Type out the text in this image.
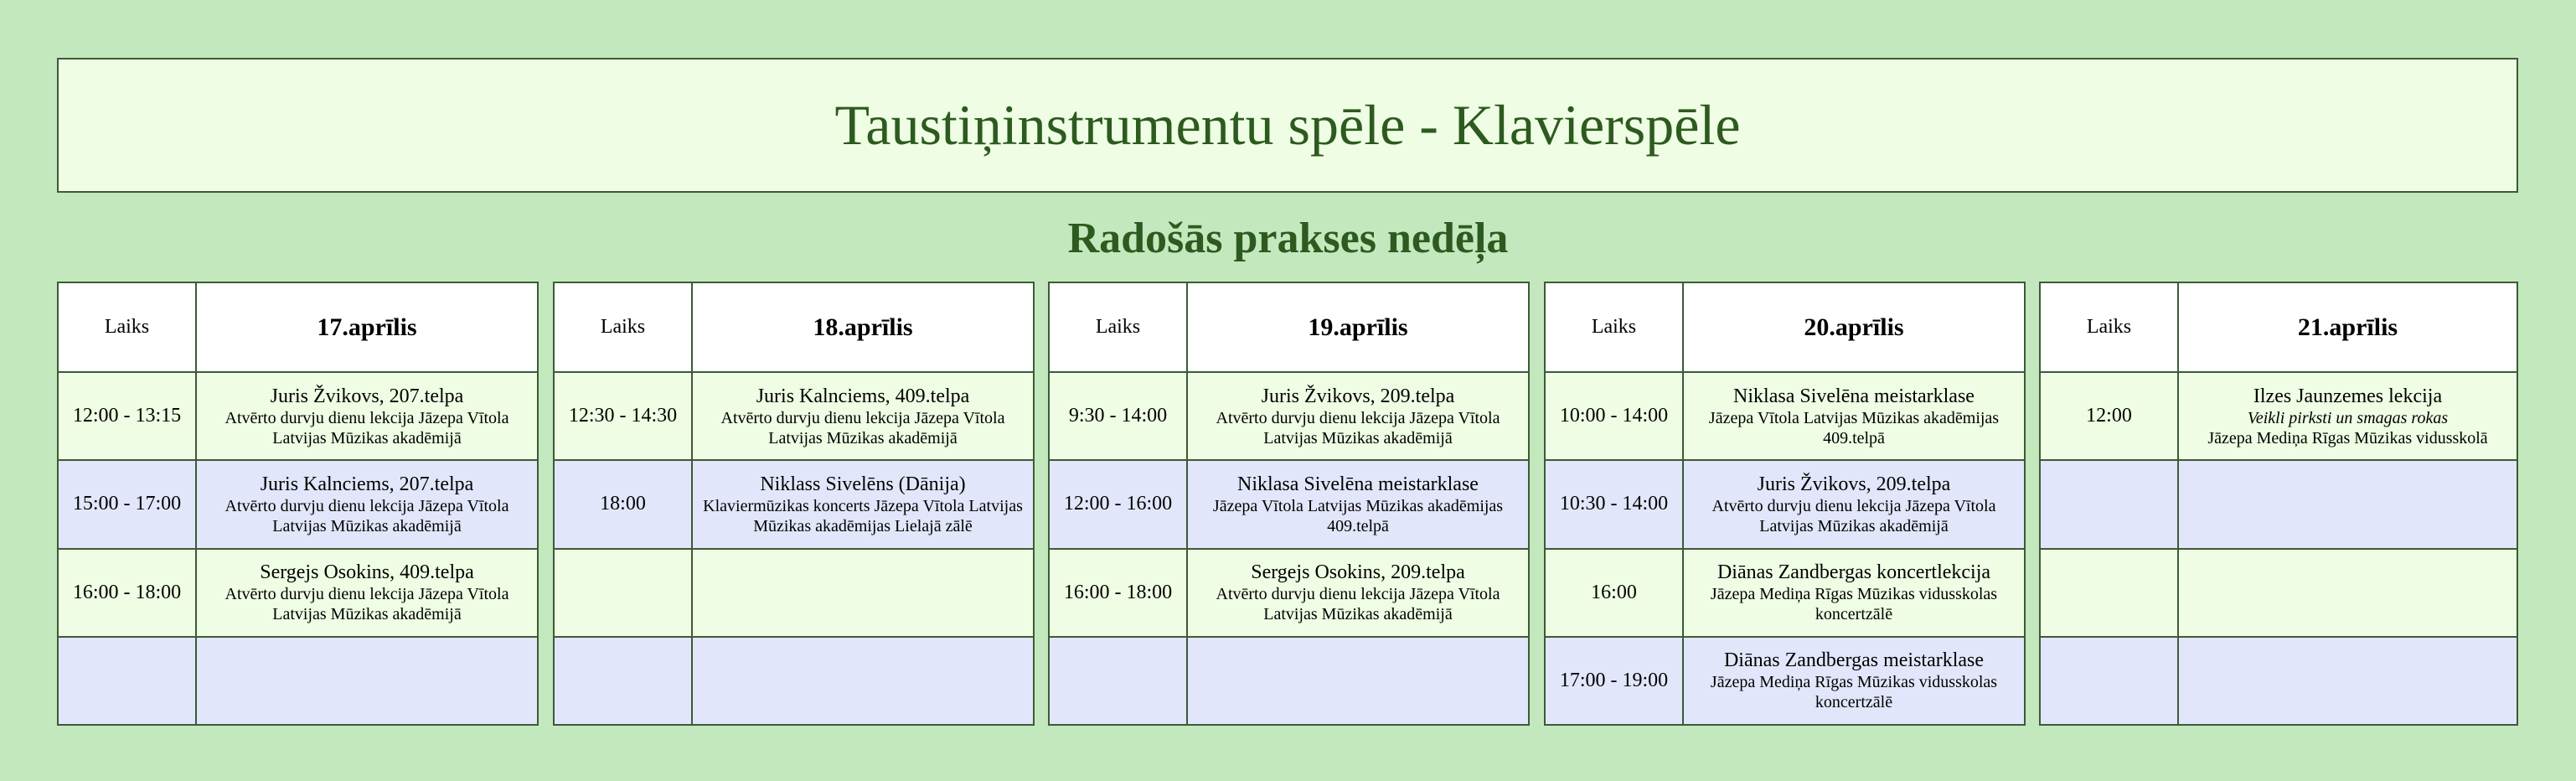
Taustiņinstrumentu spēle - Klavierspēle
Radošās prakses nedēļa
Laiks	17.aprīlis
12:00 - 13:15	Juris Žvikovs, 207.telpa
Atvērto durvju dienu lekcija Jāzepa Vītola Latvijas Mūzikas akadēmijā

15:00 - 17:00	Juris Kalnciems, 207.telpa
Atvērto durvju dienu lekcija Jāzepa Vītola Latvijas Mūzikas akadēmijā

16:00 - 18:00	Sergejs Osokins, 409.telpa
Atvērto durvju dienu lekcija Jāzepa Vītola Latvijas Mūzikas akadēmijā

Laiks	18.aprīlis
12:30 - 14:30	Juris Kalnciems, 409.telpa
Atvērto durvju dienu lekcija Jāzepa Vītola Latvijas Mūzikas akadēmijā

18:00	Niklass Sivelēns (Dānija)
Klaviermūzikas koncerts Jāzepa Vītola Latvijas Mūzikas akadēmijas Lielajā zālē

Laiks	19.aprīlis
9:30 - 14:00	Juris Žvikovs, 209.telpa
Atvērto durvju dienu lekcija Jāzepa Vītola Latvijas Mūzikas akadēmijā

12:00 - 16:00	Niklasa Sivelēna meistarklase
Jāzepa Vītola Latvijas Mūzikas akadēmijas 409.telpā

16:00 - 18:00	Sergejs Osokins, 209.telpa
Atvērto durvju dienu lekcija Jāzepa Vītola Latvijas Mūzikas akadēmijā

Laiks	20.aprīlis
10:00 - 14:00	Niklasa Sivelēna meistarklase
Jāzepa Vītola Latvijas Mūzikas akadēmijas 409.telpā

10:30 - 14:00	Juris Žvikovs, 209.telpa
Atvērto durvju dienu lekcija Jāzepa Vītola Latvijas Mūzikas akadēmijā

16:00	Diānas Zandbergas koncertlekcija
Jāzepa Mediņa Rīgas Mūzikas vidusskolas koncertzālē

17:00 - 19:00	Diānas Zandbergas meistarklase
Jāzepa Mediņa Rīgas Mūzikas vidusskolas koncertzālē
Laiks	21.aprīlis
12:00	Ilzes Jaunzemes lekcija
Veikli pirksti un smagas rokas
Jāzepa Mediņa Rīgas Mūzikas vidusskolā
